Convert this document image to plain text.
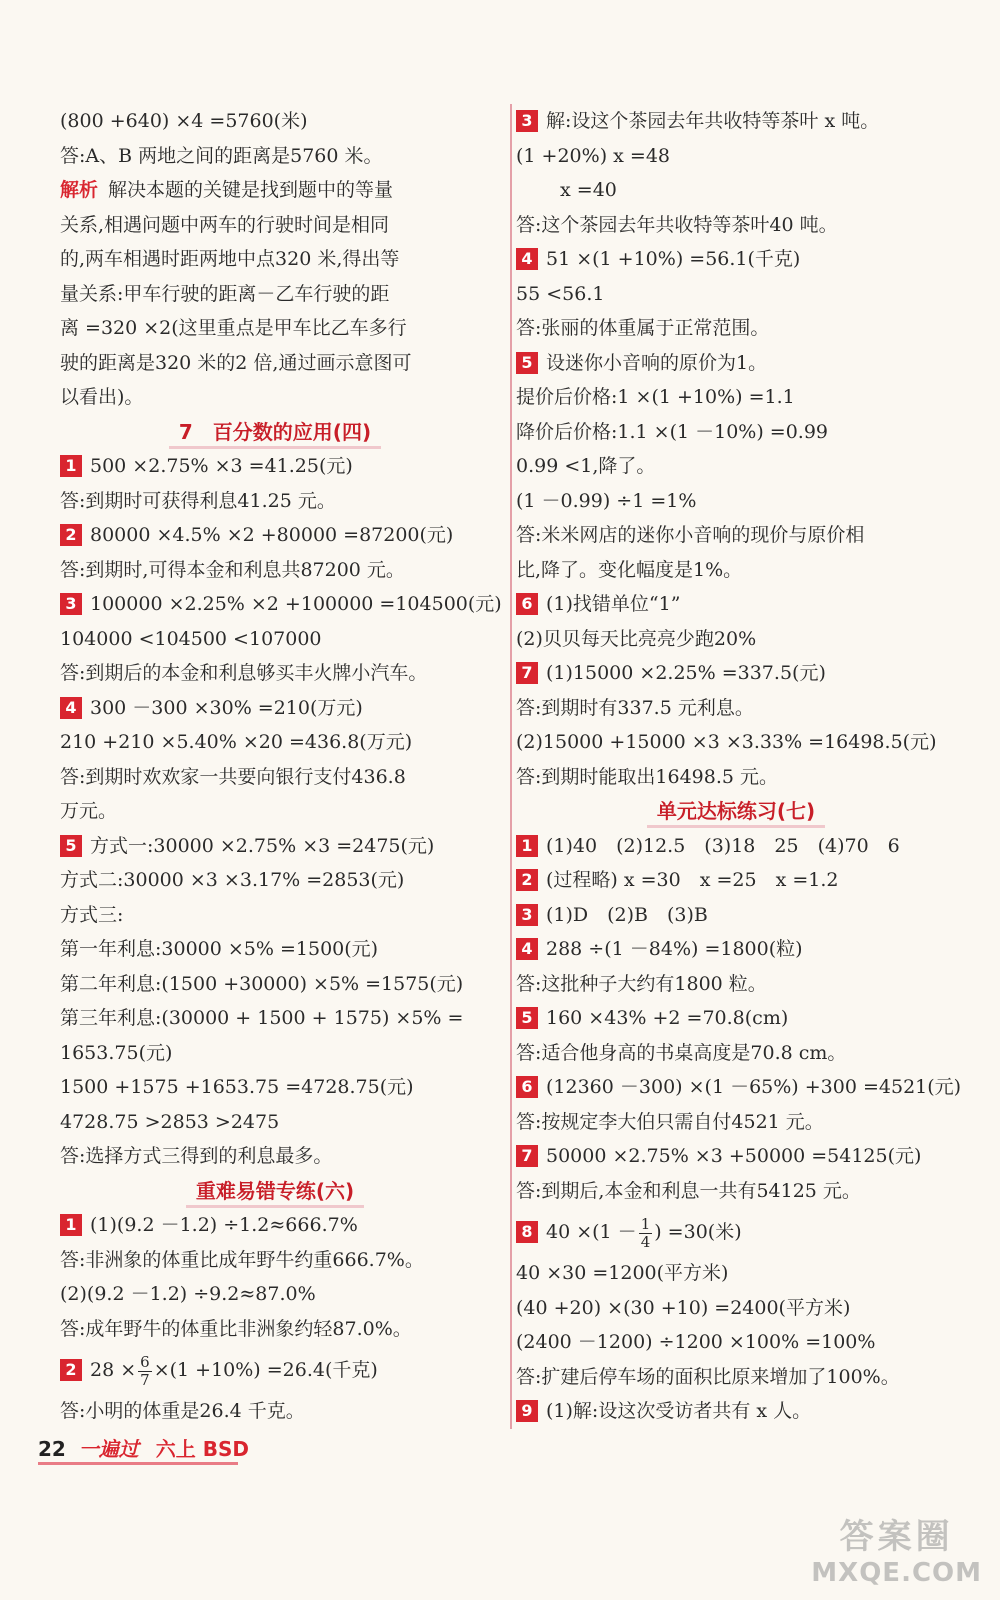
(800 +640) ×4 =5760(米)
答:A、B 两地之间的距离是5760 米。
解析 解决本题的关键是找到题中的等量
关系,相遇问题中两车的行驶时间是相同
的,两车相遇时距两地中点320 米,得出等
量关系:甲车行驶的距离－乙车行驶的距
离 =320 ×2(这里重点是甲车比乙车多行
驶的距离是320 米的2 倍,通过画示意图可
以看出)。
7　百分数的应用(四)
1 500 ×2.75% ×3 =41.25(元)
答:到期时可获得利息41.25 元。
2 80000 ×4.5% ×2 +80000 =87200(元)
答:到期时,可得本金和利息共87200 元。
3 100000 ×2.25% ×2 +100000 =104500(元)
104000 <104500 <107000
答:到期后的本金和利息够买丰火牌小汽车。
4 300 －300 ×30% =210(万元)
210 +210 ×5.40% ×20 =436.8(万元)
答:到期时欢欢家一共要向银行支付436.8
万元。
5 方式一:30000 ×2.75% ×3 =2475(元)
方式二:30000 ×3 ×3.17% =2853(元)
方式三:
第一年利息:30000 ×5% =1500(元)
第二年利息:(1500 +30000) ×5% =1575(元)
第三年利息:(30000 + 1500 + 1575) ×5% =
1653.75(元)
1500 +1575 +1653.75 =4728.75(元)
4728.75 >2853 >2475
答:选择方式三得到的利息最多。
重难易错专练(六)
1 (1)(9.2 －1.2) ÷1.2≈666.7%
答:非洲象的体重比成年野牛约重666.7%。
(2)(9.2 －1.2) ÷9.2≈87.0%
答:成年野牛的体重比非洲象约轻87.0%。
2 $28 \times \frac{6}{7} \times(1 +10\%) =26.4$(千克)
答:小明的体重是26.4 千克。
3 解:设这个茶园去年共收特等茶叶 x 吨。
(1 +20%) x =48
　　 x =40
答:这个茶园去年共收特等茶叶40 吨。
4 51 ×(1 +10%) =56.1(千克)
55 <56.1
答:张丽的体重属于正常范围。
5 设迷你小音响的原价为1。
提价后价格:1 ×(1 +10%) =1.1
降价后价格:1.1 ×(1 －10%) =0.99
0.99 <1,降了。
(1 －0.99) ÷1 =1%
答:米米网店的迷你小音响的现价与原价相
比,降了。变化幅度是1%。
6 (1)找错单位“1”
(2)贝贝每天比亮亮少跑20%
7 (1)15000 ×2.25% =337.5(元)
答:到期时有337.5 元利息。
(2)15000 +15000 ×3 ×3.33% =16498.5(元)
答:到期时能取出16498.5 元。
单元达标练习(七)
1 (1)40　(2)12.5　(3)18　25　(4)70　6
2 (过程略) x =30　x =25　x =1.2
3 (1)D　(2)B　(3)B
4 288 ÷(1 －84%) =1800(粒)
答:这批种子大约有1800 粒。
5 160 ×43% +2 =70.8(cm)
答:适合他身高的书桌高度是70.8 cm。
6 (12360 －300) ×(1 －65%) +300 =4521(元)
答:按规定李大伯只需自付4521 元。
7 50000 ×2.75% ×3 +50000 =54125(元)
答:到期后,本金和利息一共有54125 元。
8 $40 \times(1 - \frac{1}{4}$ ) =30(米)
40 ×30 =1200(平方米)
(40 +20) ×(30 +10) =2400(平方米)
(2400 －1200) ÷1200 ×100% =100%
答:扩建后停车场的面积比原来增加了100%。
9 (1)解:设这次受访者共有 x 人。
22 一遍过 六上 BSD
答案圈
MXQE.COM
